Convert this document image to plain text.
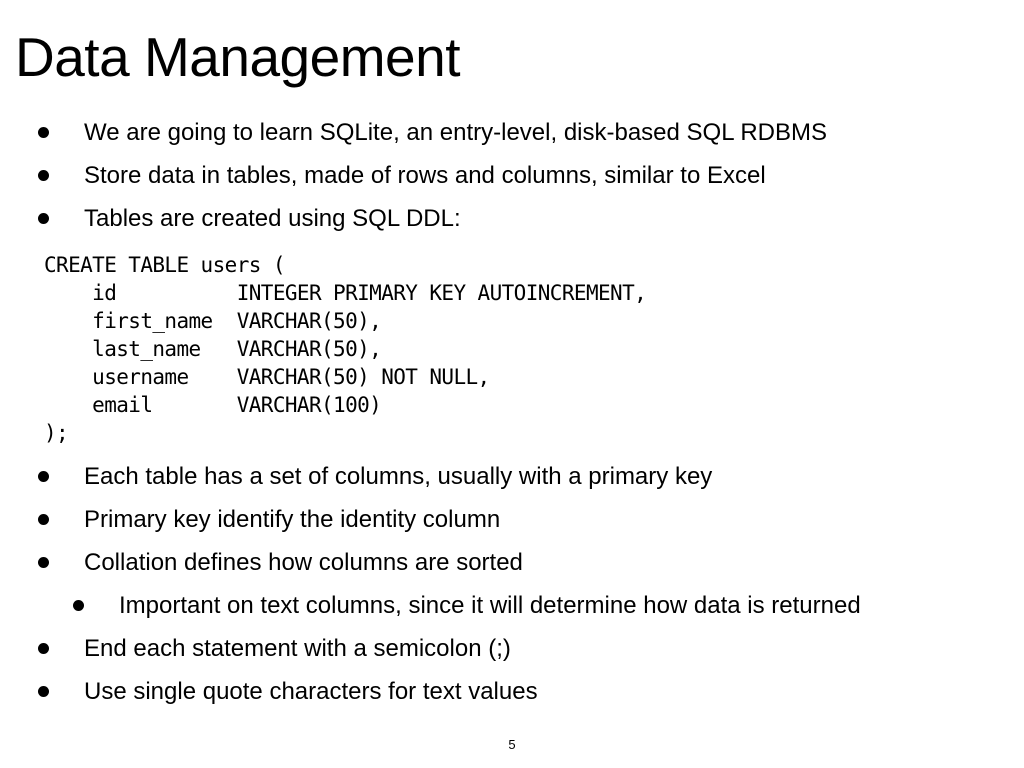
Data Management
We are going to learn SQLite, an entry-level, disk-based SQL RDBMS
Store data in tables, made of rows and columns, similar to Excel
Tables are created using SQL DDL:
CREATE TABLE users (
id          INTEGER PRIMARY KEY AUTOINCREMENT,
first_name  VARCHAR(50),
last_name   VARCHAR(50),
username    VARCHAR(50) NOT NULL,
email       VARCHAR(100)
);
Each table has a set of columns, usually with a primary key
Primary key identify the identity column
Collation defines how columns are sorted
Important on text columns, since it will determine how data is returned
End each statement with a semicolon (;)
Use single quote characters for text values
5
